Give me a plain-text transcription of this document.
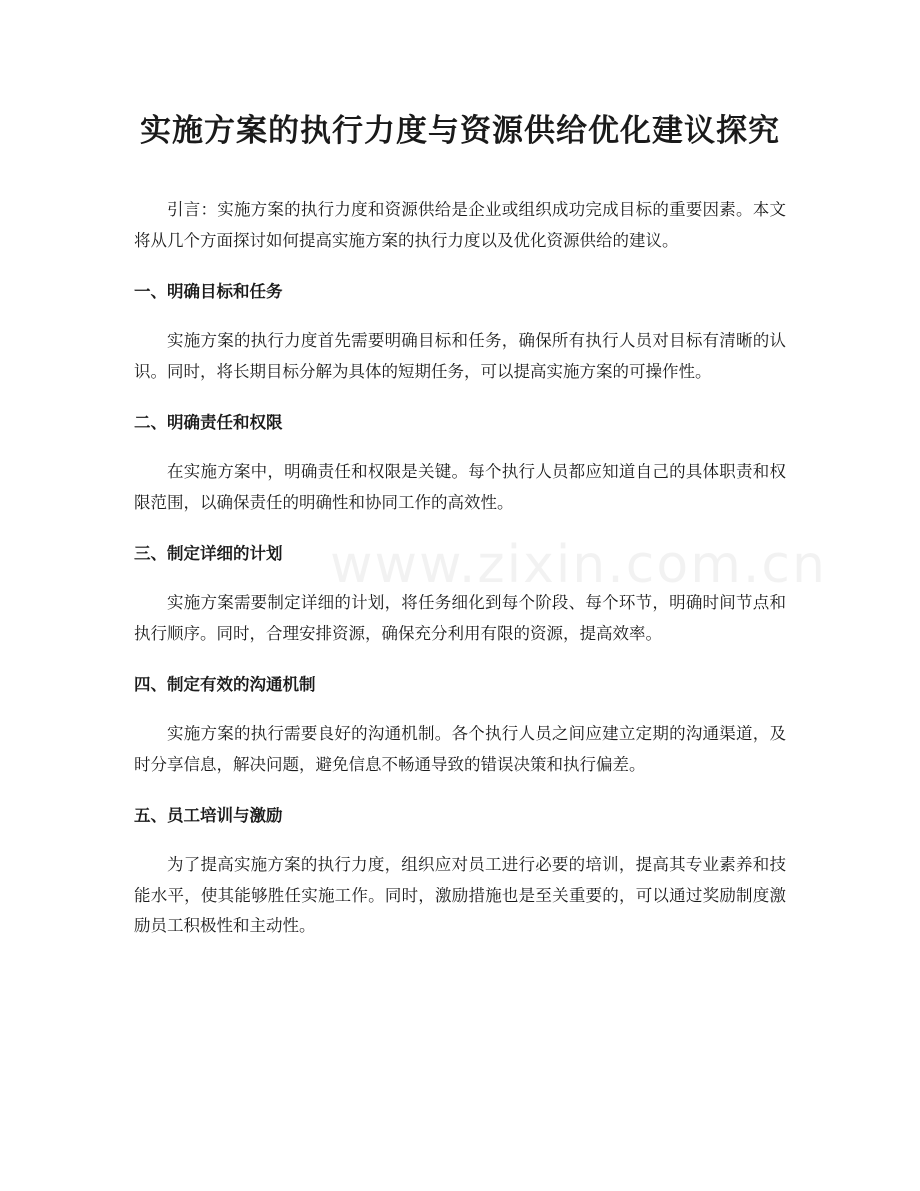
实施方案的执行力度与资源供给优化建议探究

引言：实施方案的执行力度和资源供给是企业或组织成功完成目标的重要因素。本文将从几个方面探讨如何提高实施方案的执行力度以及优化资源供给的建议。

一、明确目标和任务

实施方案的执行力度首先需要明确目标和任务，确保所有执行人员对目标有清晰的认识。同时，将长期目标分解为具体的短期任务，可以提高实施方案的可操作性。

二、明确责任和权限

在实施方案中，明确责任和权限是关键。每个执行人员都应知道自己的具体职责和权限范围，以确保责任的明确性和协同工作的高效性。

三、制定详细的计划

实施方案需要制定详细的计划，将任务细化到每个阶段、每个环节，明确时间节点和执行顺序。同时，合理安排资源，确保充分利用有限的资源，提高效率。

四、制定有效的沟通机制

实施方案的执行需要良好的沟通机制。各个执行人员之间应建立定期的沟通渠道，及时分享信息，解决问题，避免信息不畅通导致的错误决策和执行偏差。

五、员工培训与激励

为了提高实施方案的执行力度，组织应对员工进行必要的培训，提高其专业素养和技能水平，使其能够胜任实施工作。同时，激励措施也是至关重要的，可以通过奖励制度激励员工积极性和主动性。

www.zixin.com.cn
